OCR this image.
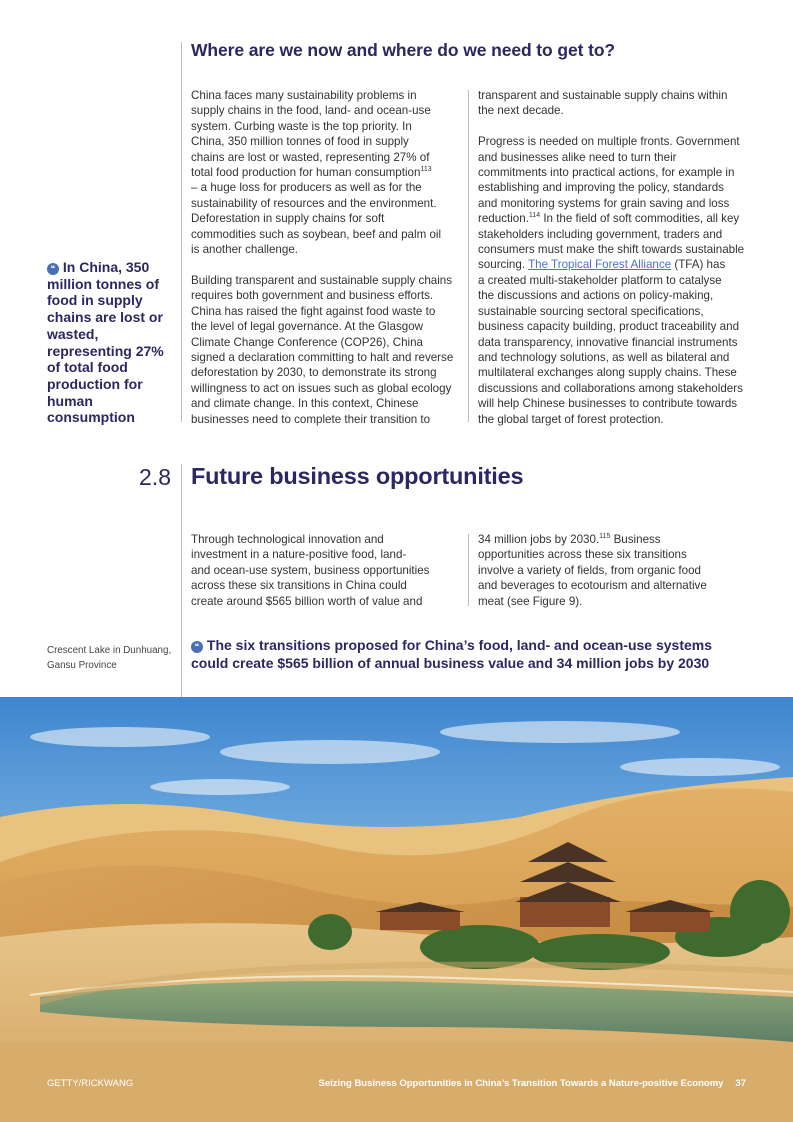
Where are we now and where do we need to get to?
China faces many sustainability problems in
supply chains in the food, land- and ocean-use
system. Curbing waste is the top priority. In
China, 350 million tonnes of food in supply
chains are lost or wasted, representing 27% of
total food production for human consumption$^{113}$
– a huge loss for producers as well as for the
sustainability of resources and the environment.
Deforestation in supply chains for soft
commodities such as soybean, beef and palm oil
is another challenge.

Building transparent and sustainable supply chains
requires both government and business efforts.
China has raised the fight against food waste to
the level of legal governance. At the Glasgow
Climate Change Conference (COP26), China
signed a declaration committing to halt and reverse
deforestation by 2030, to demonstrate its strong
willingness to act on issues such as global ecology
and climate change. In this context, Chinese
businesses need to complete their transition to
transparent and sustainable supply chains within
the next decade.

Progress is needed on multiple fronts. Government
and businesses alike need to turn their
commitments into practical actions, for example in
establishing and improving the policy, standards
and monitoring systems for grain saving and loss
reduction.$^{114}$ In the field of soft commodities, all key
stakeholders including government, traders and
consumers must make the shift towards sustainable
sourcing. The Tropical Forest Alliance (TFA) has
a created multi-stakeholder platform to catalyse
the discussions and actions on policy-making,
sustainable sourcing sectoral specifications,
business capacity building, product traceability and
data transparency, innovative financial instruments
and technology solutions, as well as bilateral and
multilateral exchanges along supply chains. These
discussions and collaborations among stakeholders
will help Chinese businesses to contribute towards
the global target of forest protection.
❝ In China, 350 million tonnes of food in supply chains are lost or wasted, representing 27% of total food production for human consumption
2.8 Future business opportunities
Through technological innovation and
investment in a nature-positive food, land-
and ocean-use system, business opportunities
across these six transitions in China could
create around $565 billion worth of value and
34 million jobs by 2030.$^{115}$ Business
opportunities across these six transitions
involve a variety of fields, from organic food
and beverages to ecotourism and alternative
meat (see Figure 9).
Crescent Lake in Dunhuang, Gansu Province
❝ The six transitions proposed for China’s food, land- and ocean-use systems could create $565 billion of annual business value and 34 million jobs by 2030
GETTY/RICKWANG	Seizing Business Opportunities in China’s Transition Towards a Nature-positive Economy 37
